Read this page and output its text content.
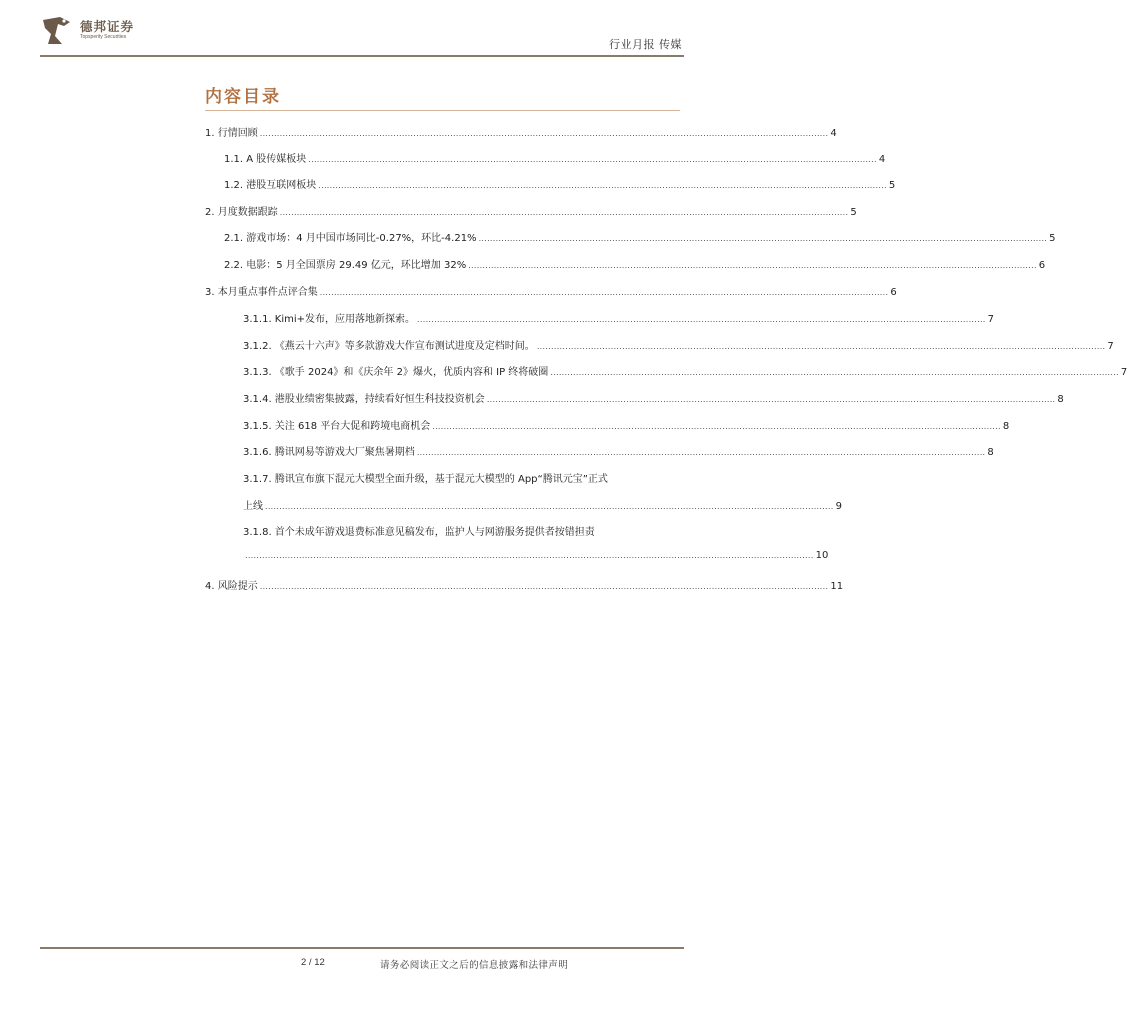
德邦证券
Topsperity Securities
行业月报 传媒
内容目录
1. 行情回顾 ........................................................................................................................................................................................................ 4
1.1. A 股传媒板块 ........................................................................................................................................................................................................ 4
1.2. 港股互联网板块 ........................................................................................................................................................................................................ 5
2. 月度数据跟踪 ........................................................................................................................................................................................................ 5
2.1. 游戏市场：4 月中国市场同比-0.27%，环比-4.21% ........................................................................................................................................................................................................ 5
2.2. 电影：5 月全国票房 29.49 亿元，环比增加 32% ........................................................................................................................................................................................................ 6
3. 本月重点事件点评合集 ........................................................................................................................................................................................................ 6
3.1.1. Kimi+发布，应用落地新探索。 ........................................................................................................................................................................................................ 7
3.1.2. 《燕云十六声》等多款游戏大作宣布测试进度及定档时间。 ........................................................................................................................................................................................................ 7
3.1.3. 《歌手 2024》和《庆余年 2》爆火，优质内容和 IP 终将破圈 ........................................................................................................................................................................................................ 7
3.1.4. 港股业绩密集披露，持续看好恒生科技投资机会 ........................................................................................................................................................................................................ 8
3.1.5. 关注 618 平台大促和跨境电商机会 ........................................................................................................................................................................................................ 8
3.1.6. 腾讯网易等游戏大厂聚焦暑期档 ........................................................................................................................................................................................................ 8
3.1.7. 腾讯宣布旗下混元大模型全面升级，基于混元大模型的 App“腾讯元宝”正式
上线 ........................................................................................................................................................................................................ 9
3.1.8. 首个未成年游戏退费标准意见稿发布，监护人与网游服务提供者按错担责
........................................................................................................................................................................................................ 10
4. 风险提示 ........................................................................................................................................................................................................ 11
2 / 12	请务必阅读正文之后的信息披露和法律声明
